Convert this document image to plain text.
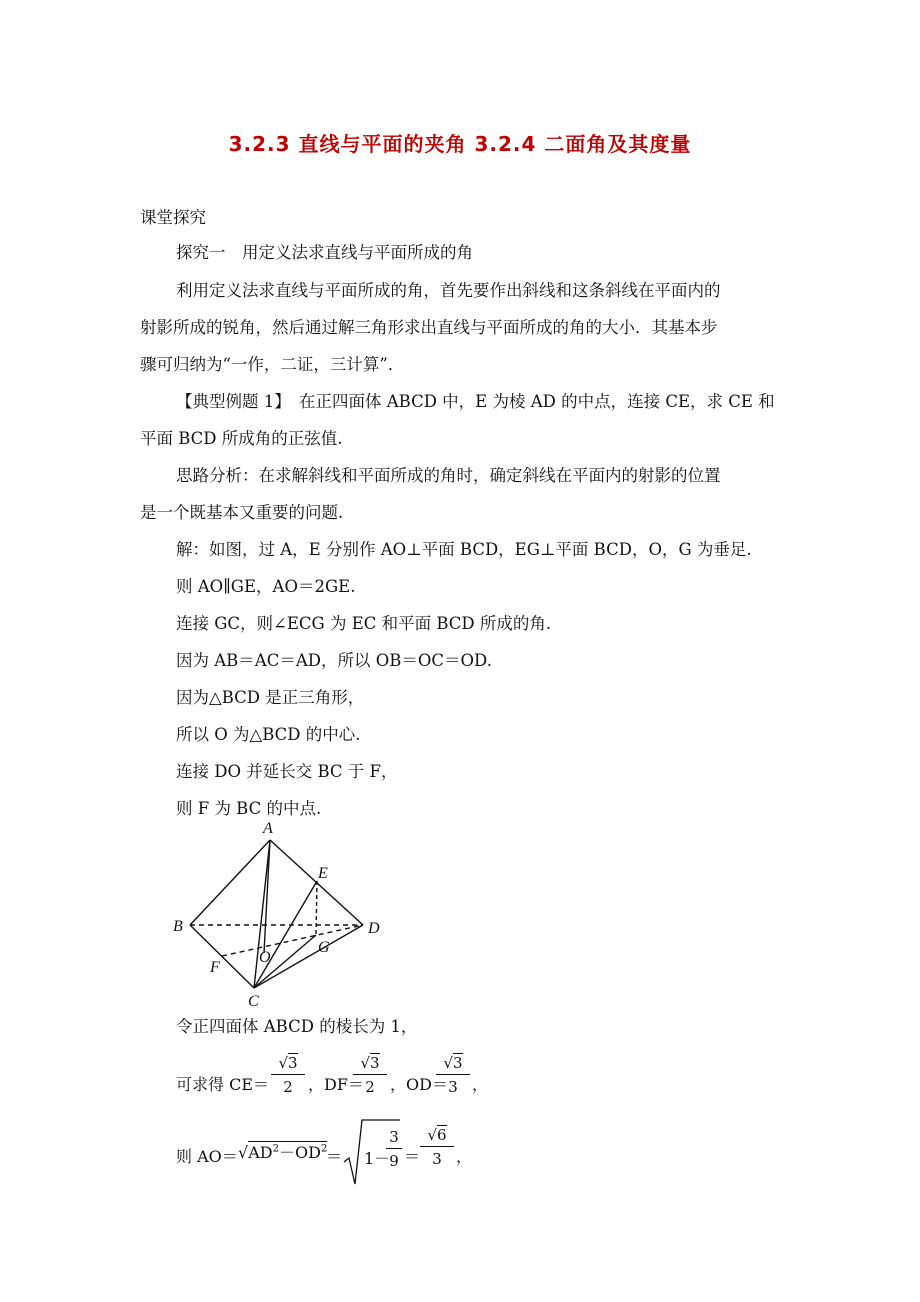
3.2.3 直线与平面的夹角 3.2.4 二面角及其度量
课堂探究
探究一　用定义法求直线与平面所成的角
利用定义法求直线与平面所成的角，首先要作出斜线和这条斜线在平面内的
射影所成的锐角，然后通过解三角形求出直线与平面所成的角的大小．其基本步
骤可归纳为“一作，二证，三计算”．
【典型例题 1】　在正四面体 ABCD 中，E 为棱 AD 的中点，连接 CE，求 CE 和
平面 BCD 所成角的正弦值.
思路分析：在求解斜线和平面所成的角时，确定斜线在平面内的射影的位置
是一个既基本又重要的问题.
解：如图，过 A，E 分别作 AO⊥平面 BCD，EG⊥平面 BCD，O，G 为垂足.
则 AO∥GE，AO＝2GE.
连接 GC，则∠ECG 为 EC 和平面 BCD 所成的角.
因为 AB＝AC＝AD，所以 OB＝OC＝OD.
因为△BCD 是正三角形，
所以 O 为△BCD 的中心.
连接 DO 并延长交 BC 于 F，
则 F 为 BC 的中点.
A
B
C
D
E
F
G
O
令正四面体 ABCD 的棱长为 1，
可求得 $CE= \frac{√3}{2}$ ，DF＝
$\frac{√3}{2}$ ，OD＝
$\frac{√3}{3}$ ，
则 $AO= √AD^2-OD^2$
＝ 1－
$\frac{3}{9} = \frac{√6}{3}$ ，
